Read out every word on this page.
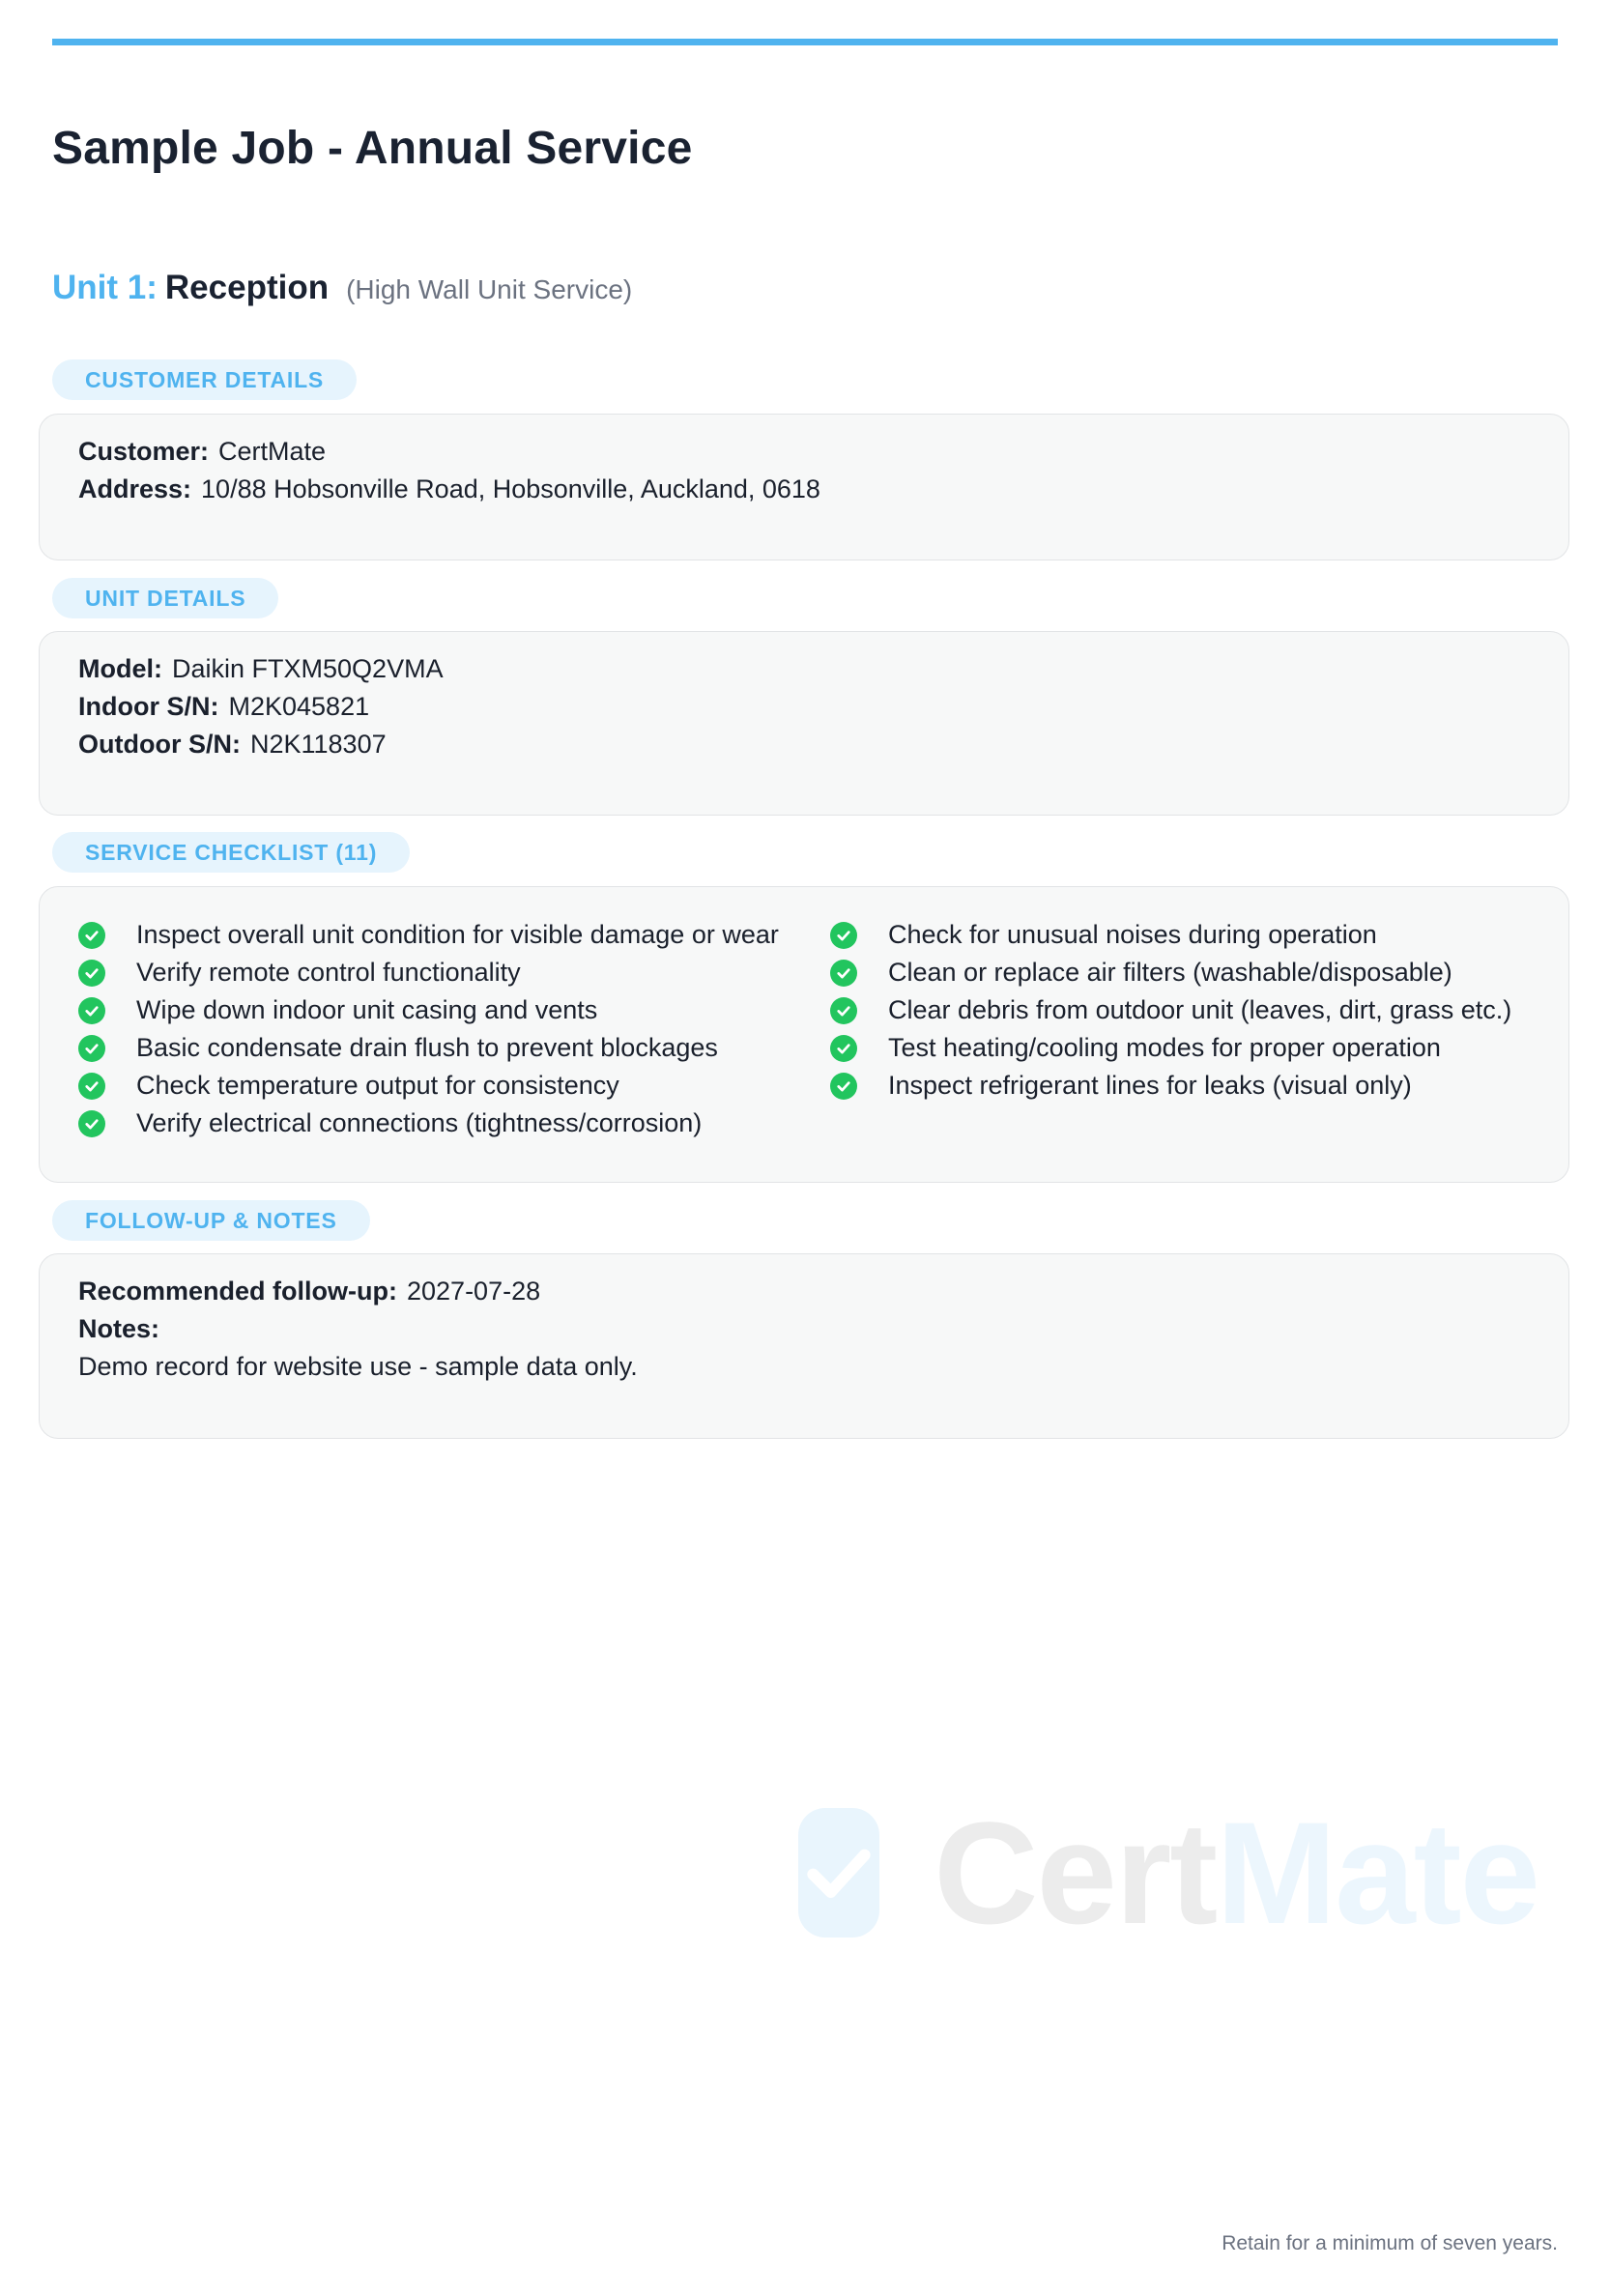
Sample Job - Annual Service
Unit 1: Reception (High Wall Unit Service)
CUSTOMER DETAILS
Customer: CertMate
Address: 10/88 Hobsonville Road, Hobsonville, Auckland, 0618
UNIT DETAILS
Model: Daikin FTXM50Q2VMA
Indoor S/N: M2K045821
Outdoor S/N: N2K118307
SERVICE CHECKLIST (11)
Inspect overall unit condition for visible damage or wear
Verify remote control functionality
Wipe down indoor unit casing and vents
Basic condensate drain flush to prevent blockages
Check temperature output for consistency
Verify electrical connections (tightness/corrosion)
Check for unusual noises during operation
Clean or replace air filters (washable/disposable)
Clear debris from outdoor unit (leaves, dirt, grass etc.)
Test heating/cooling modes for proper operation
Inspect refrigerant lines for leaks (visual only)
FOLLOW-UP & NOTES
Recommended follow-up: 2027-07-28
Notes:
Demo record for website use - sample data only.
CertMate
Retain for a minimum of seven years.
